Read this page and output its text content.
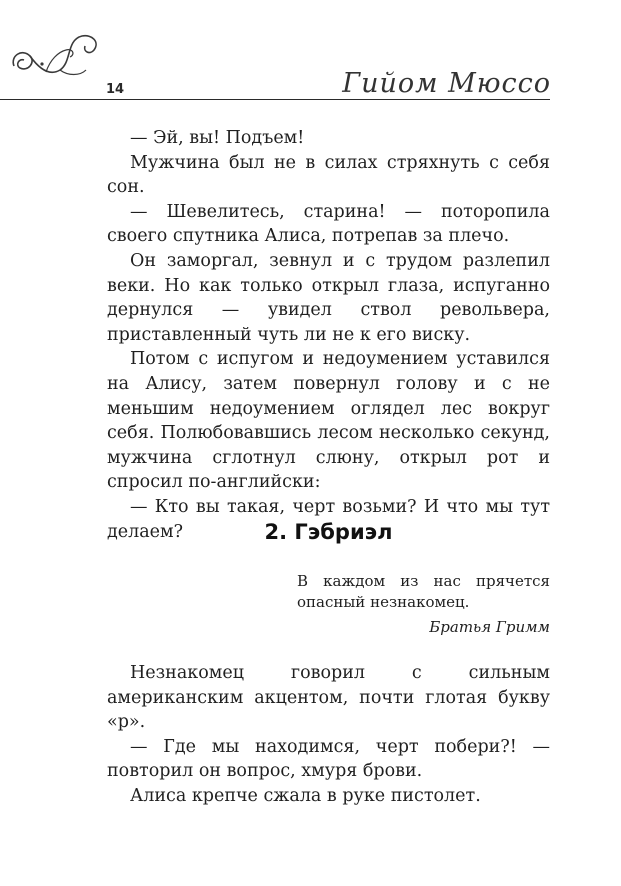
14	Гийом Мюссо

— Эй, вы! Подъем!

Мужчина был не в силах стряхнуть с себя сон.

— Шевелитесь, старина! — поторопила своего спутника Алиса, потрепав за плечо.

Он заморгал, зевнул и с трудом разлепил веки. Но как только открыл глаза, испуганно дернулся — увидел ствол револьвера, приставленный чуть ли не к его виску.

Потом с испугом и недоумением уставился на Алису, затем повернул голову и с не меньшим недоумением оглядел лес вокруг себя. Полюбовавшись лесом несколько секунд, мужчина сглотнул слюну, открыл рот и спросил по-английски:

— Кто вы такая, черт возьми? И что мы тут делаем?	2. Гэбриэл
В каждом из нас прячется опасный незнакомец.
Братья Гримм

Незнакомец говорил с сильным американским акцентом, почти глотая букву «р».

— Где мы находимся, черт побери?! — повторил он вопрос, хмуря брови.

Алиса крепче сжала в руке пистолет.
